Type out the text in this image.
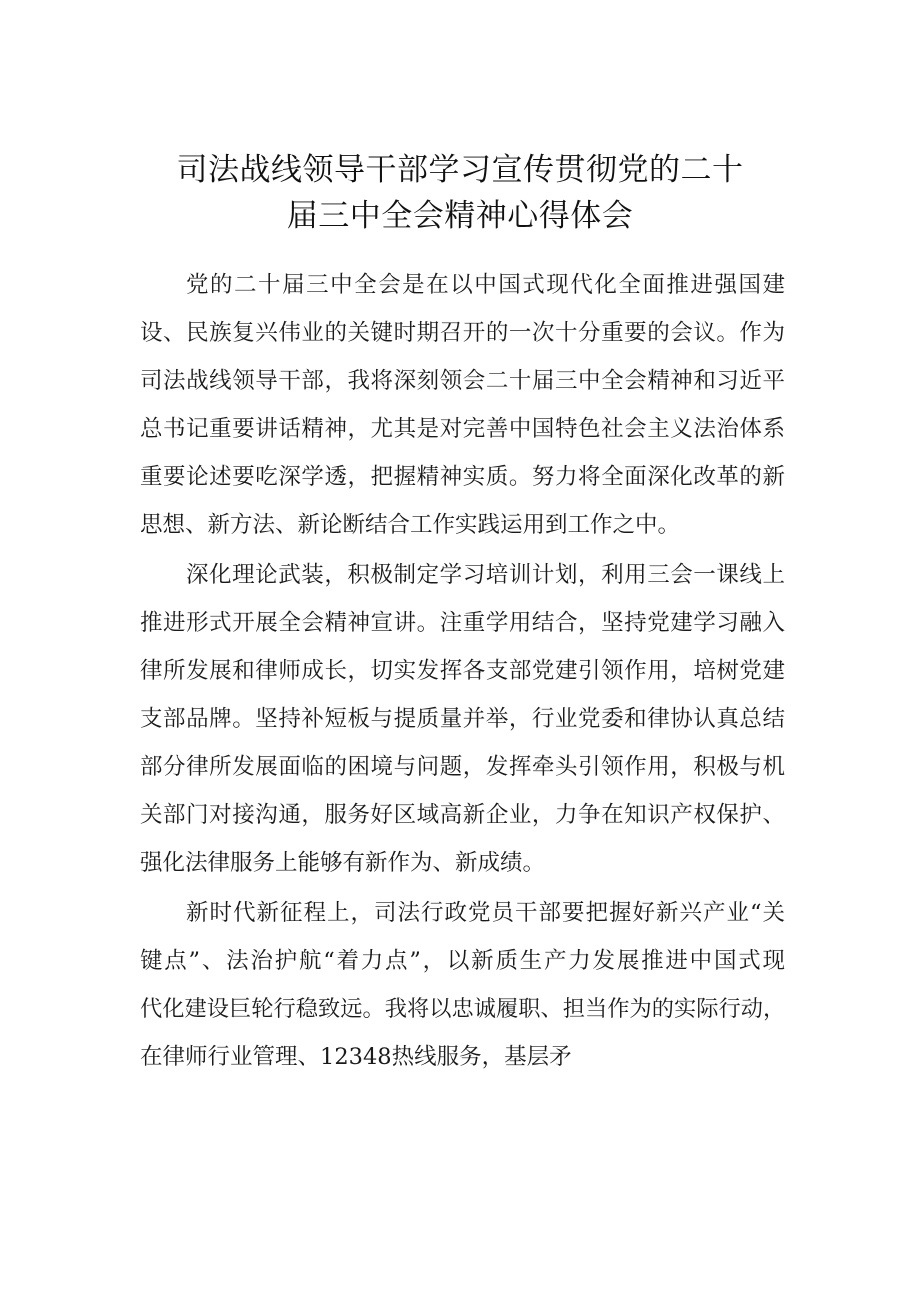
司法战线领导干部学习宣传贯彻党的二十
届三中全会精神心得体会
党的二十届三中全会是在以中国式现代化全面推进强国建
设、民族复兴伟业的关键时期召开的一次十分重要的会议。作为
司法战线领导干部，我将深刻领会二十届三中全会精神和习近平
总书记重要讲话精神，尤其是对完善中国特色社会主义法治体系
重要论述要吃深学透，把握精神实质。努力将全面深化改革的新
思想、新方法、新论断结合工作实践运用到工作之中。
深化理论武装，积极制定学习培训计划，利用三会一课线上
推进形式开展全会精神宣讲。注重学用结合，坚持党建学习融入
律所发展和律师成长，切实发挥各支部党建引领作用，培树党建
支部品牌。坚持补短板与提质量并举，行业党委和律协认真总结
部分律所发展面临的困境与问题，发挥牵头引领作用，积极与机
关部门对接沟通，服务好区域高新企业，力争在知识产权保护、
强化法律服务上能够有新作为、新成绩。
新时代新征程上，司法行政党员干部要把握好新兴产业“关
键点”、法治护航“着力点”，以新质生产力发展推进中国式现
代化建设巨轮行稳致远。我将以忠诚履职、担当作为的实际行动，
在律师行业管理、12348热线服务，基层矛
